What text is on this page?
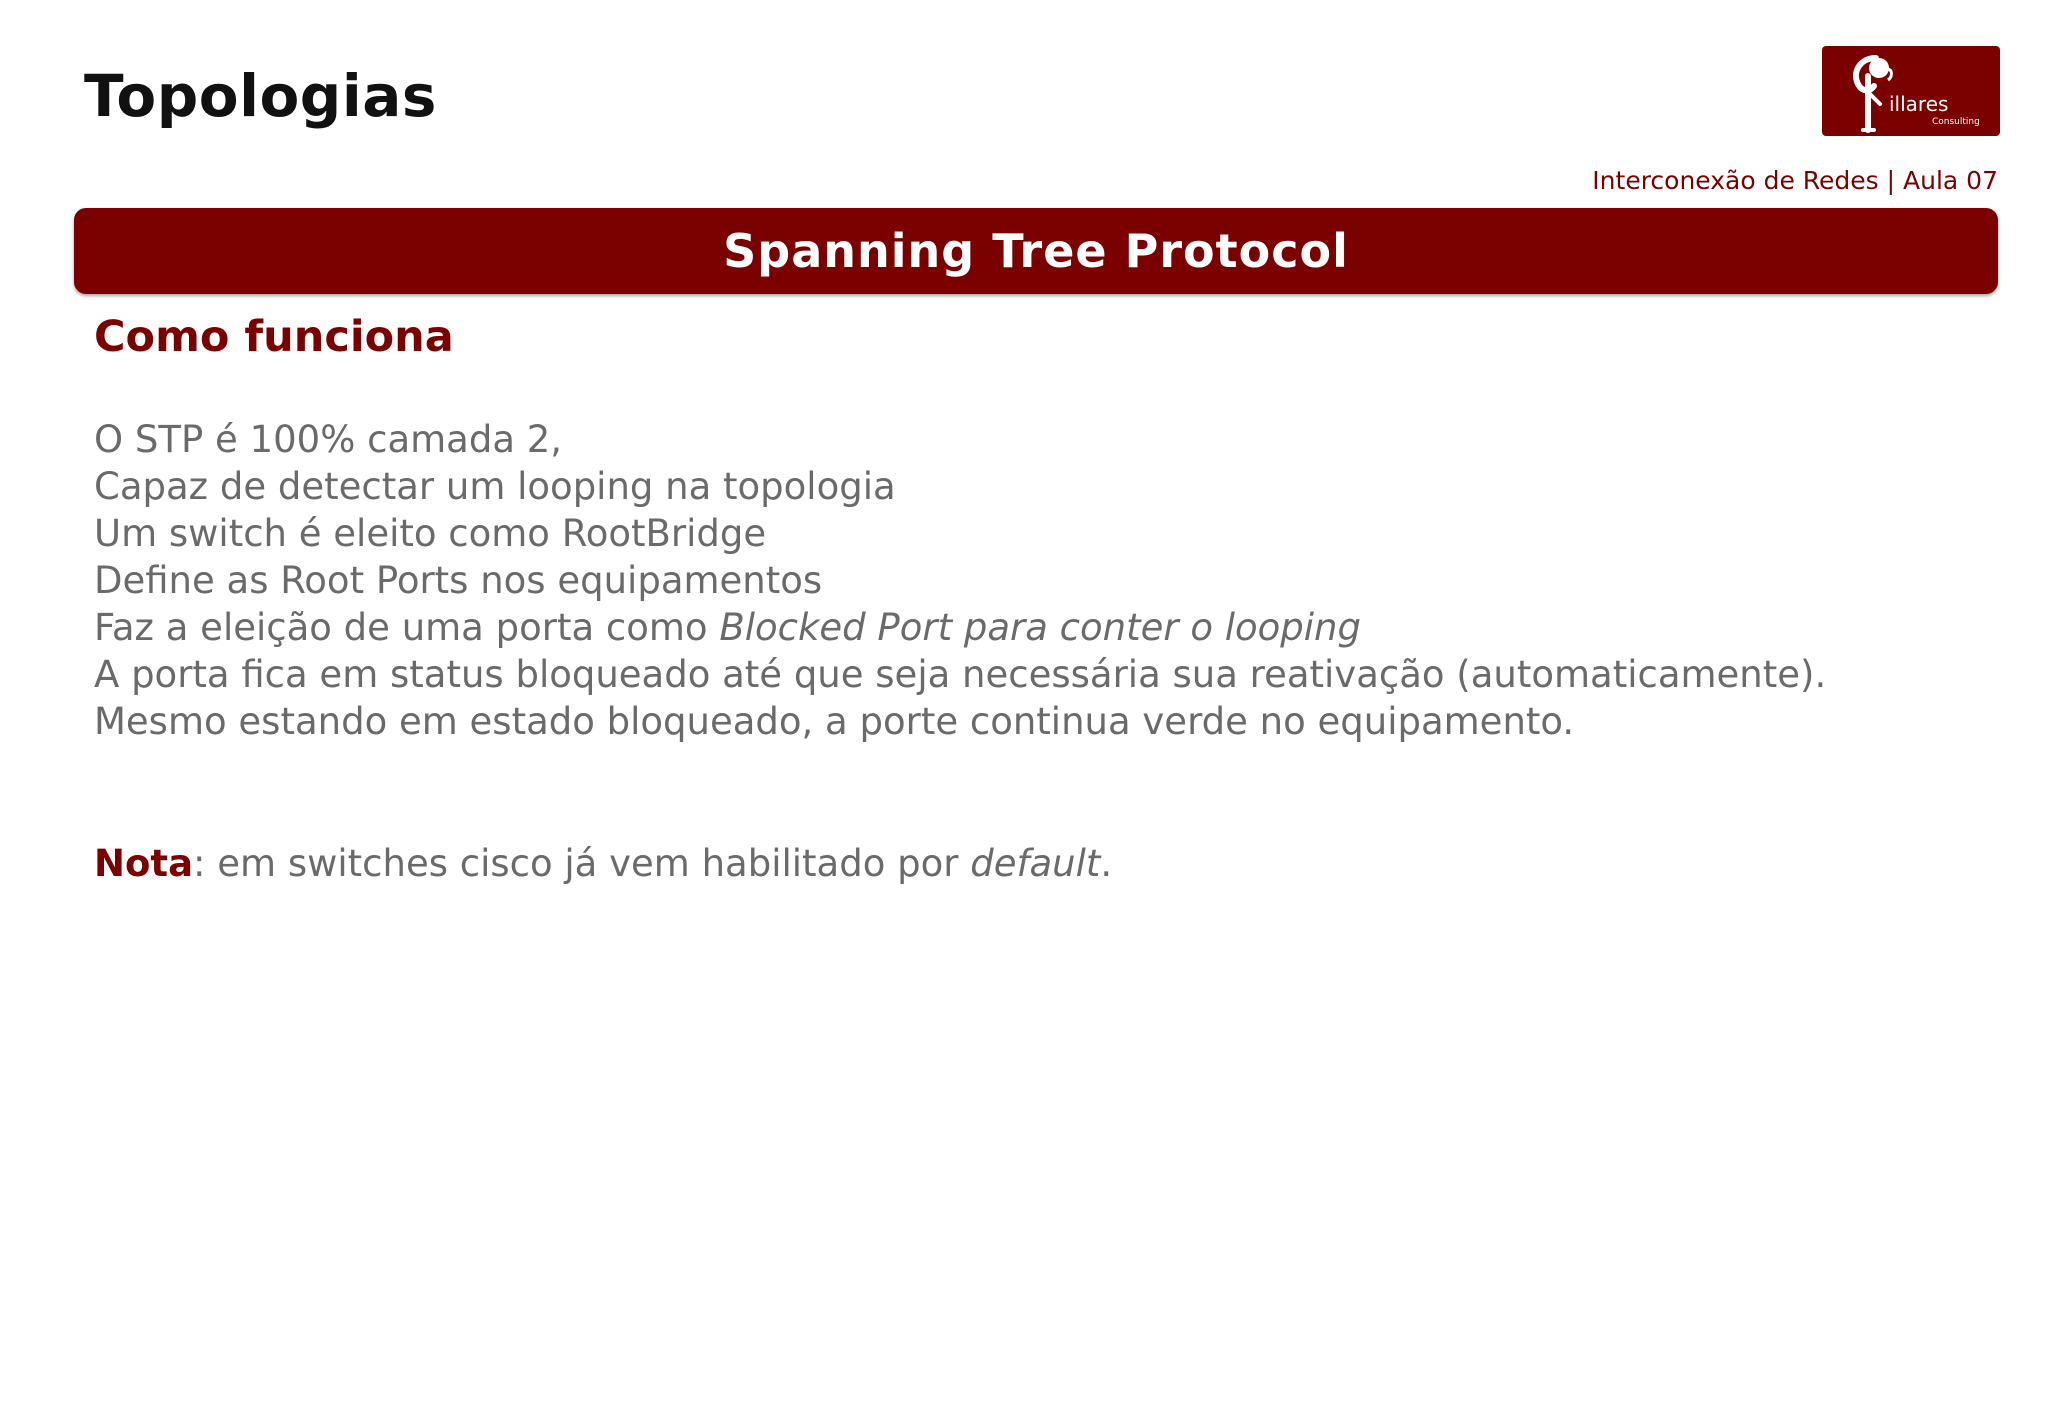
Topologias	illares
Consulting
Interconexão de Redes | Aula 07
Spanning Tree Protocol
Como funciona
O STP é 100% camada 2,
Capaz de detectar um looping na topologia
Um switch é eleito como RootBridge
Define as Root Ports nos equipamentos
Faz a eleição de uma porta como Blocked Port para conter o looping
A porta fica em status bloqueado até que seja necessária sua reativação (automaticamente).
Mesmo estando em estado bloqueado, a porte continua verde no equipamento.

Nota: em switches cisco já vem habilitado por default.
